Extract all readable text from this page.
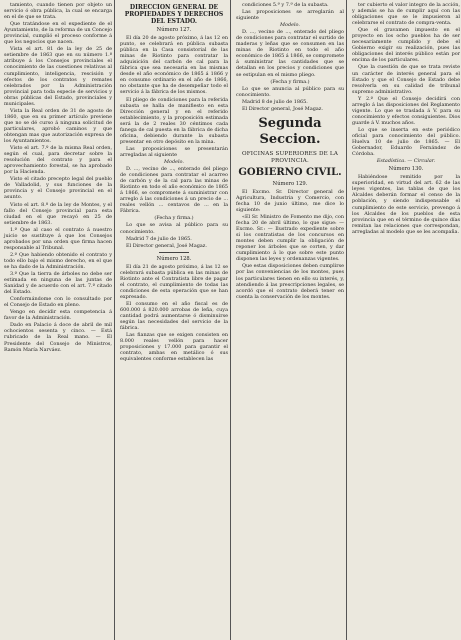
tamiento, cuando tienen por objeto un servicio ó obra pública, la cual se encarga en el de que se trata.

Que tratándose en el expediente de el Ayuntamiento, de la reforma de un Concejo provincial, cumplió el proceso conforme á que los negocios que nacen.

Vista el art. 81 de la ley de 25 de setiembre de 1863 que en su número 1.º atribuye á los Consejos provinciales el conocimiento de las cuestiones relativas al cumplimiento, inteligencia, rescisión y efectos de los contratos y remates celebrados por la Administración provincial para toda especie de servicios y obras públicas del Estado, provinciales y municipales.

Vista la Real orden de 31 de agosto de 1860, que en su primer artículo previene que no se dé curso á ninguna solicitud de particulares, aprobó caminos y que obtengan mas que autorización expresa de los Ayuntamientos.

Visto el art. 7.º de la misma Real orden, según el cual, para decretar sobre la resolución del contrato y para el aprovechamiento forestal, se ha aprobado por la Hacienda.

Visto el citado precepto legal del pueblo de Valladolid, y sus funciones de la provincia y el Consejo provincial en el asunto.

Visto el art. 8.º de la ley de Montes, y el fallo del Consejo provincial para esta ciudad en el que recayó en 25 de setiembre de 1863.

1.º Que al caso el contrato á nuestro juicio se sustituye á que los Consejos aprobados por una orden que firma hacen responsable al Tribunal.

2.º Que habiendo obtenido el contrato y todo ello bajo el mismo derecho, en el que se ha dado de la Administración.

3.º Que la tierra de árboles no debe ser estimada en ninguna de las juntas de Sanidad y de acuerdo con el art. 7.º citado del Estado.

Conformándome con lo consultado por el Consejo de Estado en pleno.

Vengo en decidir esta competencia á favor de la Administración.

Dado en Palacio á doce de abril de mil ochocientos sesenta y cinco. — Está rubricado de la Real mano. — El Presidente del Consejo de Ministros, Ramón María Narváez.

DIRECCION GENERAL DE PROPIEDADES Y DERECHOS DEL ESTADO.
Número 127.

El día 20 de agosto próximo, á las 12 en punto, se celebrará en pública subasta pública en la Casa consistorial de las minas de Riotinto para contratar la adquisición del carbón de cal para la fábrica que sea necesaria en las mismas desde el año económico de 1865 á 1866 y en consumo ordinario en el año de 1866, no obstante que ha de desempeñar todo el servicio á la fábrica de los mismos.

El pliego de condiciones para la referida subasta se halla de manifiesto en esta Dirección general y en el referido establecimiento, y la proposición estimada será la de 2 reales 30 céntimos cada fanega de cal puesta en la fábrica de dicha oficina, debiendo durante la subasta presentar en otro depósito en la mina.

Las proposiciones se presentarán arregladas al siguiente

Modelo.

D. ..., vecino de ..., enterado del pliego de condiciones para contratar el acarreo de carbón y de la cal para las minas de Riotinto en todo el año económico de 1865 á 1866, se compromete á suministrar con arreglo á las condiciones á un precio de ... reales vellón ... centavos de ... en la Fábrica.

(Fecha y firma.)

Lo que se avisa al público para su conocimiento.

Madrid 7 de julio de 1865.

El Director general, José Magaz.

Número 128.

El día 21 de agosto próximo, á las 12 se celebrará subasta pública en las minas de Riotinto ante el Contratista libre de pagar el contrato, el cumplimiento de todas las condiciones de esta operación que se han expresado.

El consumo en el año fiscal es de 600.000 á 820.000 arrobas de leña, cuya cantidad podrá aumentarse ó disminuirse según las necesidades del servicio de la fábrica.

Las fianzas que se exigen consisten en 8.000 reales vellón para hacer proposiciones y 17.000 para garantir el contrato, ambas en metálico ó sus equivalentes conforme establecen las

condiciones 5.ª y 7.ª de la subasta.

Las proposiciones se arreglarán al siguiente

Modelo.

D. ..., vecino de ..., enterado del pliego de condiciones para contratar el surtido de maderas y leñas que se consumen en las minas de Riotinto en todo el año económico de 1865 á 1866, se compromete á suministrar las cantidades que se detallan en los precios y condiciones que se estipulan en el mismo pliego.

(Fecha y firma.)

Lo que se anuncia al público para su conocimiento.

Madrid 8 de julio de 1865.

El Director general, José Magaz.

Segunda Seccion.
OFICINAS SUPERIORES DE LA PROVINCIA.
GOBIERNO CIVIL.
Número 129.

El Excmo. Sr. Director general de Agricultura, Industria y Comercio, con fecha 10 de junio último, me dice lo siguiente:

«El Sr. Ministro de Fomento me dijo, con fecha 20 de abril último, lo que sigue: — Excmo. Sr.: — Ilustrado expediente sobre si los contratistas de los concursos en montes deben cumplir la obligación de reponer los árboles que se corten, y dar cumplimiento á lo que sobre este punto disponen las leyes y ordenanzas vigentes.

Que estas disposiciones deben cumplirse por las conveniencias de los montes, pues los particulares tienen en ello su interés, y, atendiendo á las prescripciones legales, se acordó que el contrato deberá tener en cuenta la conservación de los montes.

ter cubierto el valor integro de la acción, y además se ha de cumplir aquí con las obligaciones que se le impusieron al celebrarse el contrato de compra-venta.

Que el gravamen impuesto en el proyecto en los ocho pueblos ha de ser necesariamente cumplido y debe el Gobierno exigir su realización, pues las obligaciones del interés público están por encima de los particulares.

Que la cuestión de que se trata reviste un carácter de interés general para el Estado y que el Consejo de Estado debe resolverla en su calidad de tribunal supremo administrativo.

Y 2.º Que el Consejo decidirá con arreglo á las disposiciones del Reglamento vigente. Lo que se traslada á V. para su conocimiento y efectos consiguientes. Dios guarde á V. muchos años.

Lo que se inserta en este periódico oficial para conocimiento del público. Huelva 10 de julio de 1865. — El Gobernador, Eduardo Fernández de Córdoba.

Estadística. — Circular.

Número 130.

Habiéndose remitido por la superioridad, en virtud del art. 62 de las leyes vigentes, las tablas de que los Alcaldes deberán formar el censo de la población, y siendo indispensable el cumplimiento de este servicio, prevengo á los Alcaldes de los pueblos de esta provincia que en el término de quince días remitan las relaciones que correspondan, arregladas al modelo que se les acompaña.
